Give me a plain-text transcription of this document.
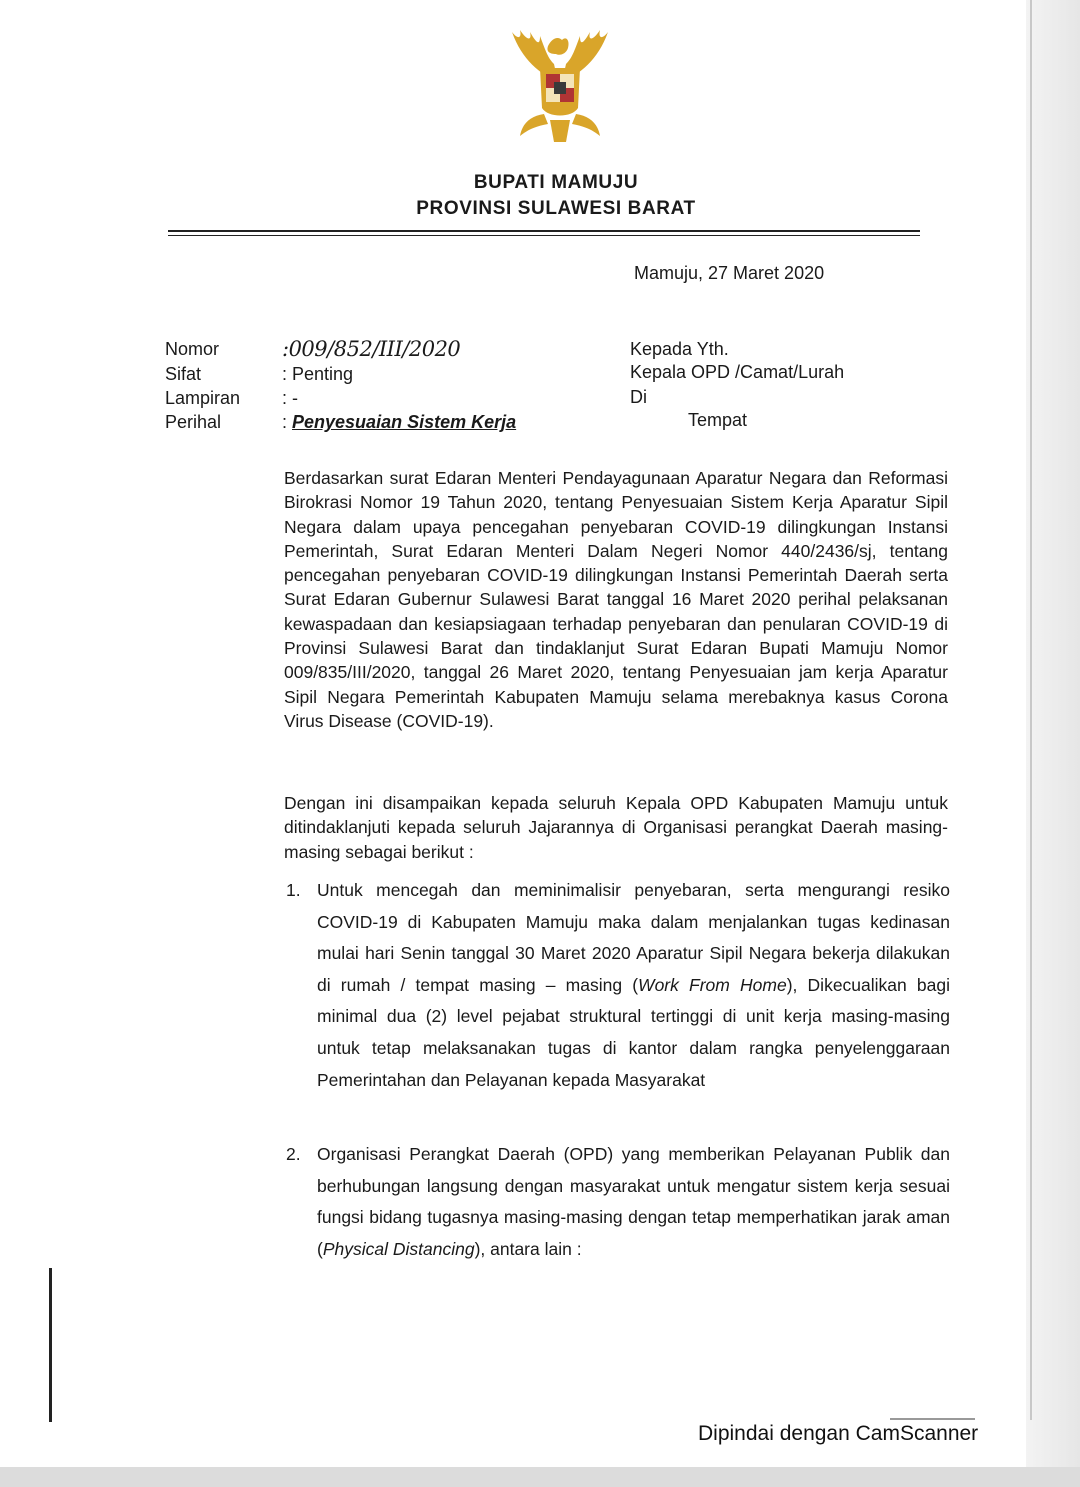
BUPATI MAMUJU
PROVINSI SULAWESI BARAT
Mamuju, 27 Maret 2020
Nomor	:009/852/III/2020
Sifat	: Penting
Lampiran : -
Perihal	: Penyesuaian Sistem Kerja
Kepada Yth.
Kepala OPD /Camat/Lurah
Di
Tempat

Berdasarkan surat Edaran Menteri Pendayagunaan Aparatur Negara dan Reformasi Birokrasi Nomor 19 Tahun 2020, tentang Penyesuaian Sistem Kerja Aparatur Sipil Negara dalam upaya pencegahan penyebaran COVID-19 dilingkungan Instansi Pemerintah, Surat Edaran Menteri Dalam Negeri Nomor 440/2436/sj, tentang pencegahan penyebaran COVID-19 dilingkungan Instansi Pemerintah Daerah serta Surat Edaran Gubernur Sulawesi Barat tanggal 16 Maret 2020 perihal pelaksanan kewaspadaan dan kesiapsiagaan terhadap penyebaran dan penularan COVID-19 di Provinsi Sulawesi Barat dan tindaklanjut Surat Edaran Bupati Mamuju Nomor 009/835/III/2020, tanggal 26 Maret 2020, tentang Penyesuaian jam kerja Aparatur Sipil Negara Pemerintah Kabupaten Mamuju selama merebaknya kasus Corona Virus Disease (COVID-19).

Dengan ini disampaikan kepada seluruh Kepala OPD Kabupaten Mamuju untuk ditindaklanjuti kepada seluruh Jajarannya di Organisasi perangkat Daerah masing-masing sebagai berikut :

1. Untuk mencegah dan meminimalisir penyebaran, serta mengurangi resiko COVID-19 di Kabupaten Mamuju maka dalam menjalankan tugas kedinasan mulai hari Senin tanggal 30 Maret 2020 Aparatur Sipil Negara bekerja dilakukan di rumah / tempat masing – masing (Work From Home), Dikecualikan bagi minimal dua (2) level pejabat struktural tertinggi di unit kerja masing-masing untuk tetap melaksanakan tugas di kantor dalam rangka penyelenggaraan Pemerintahan dan Pelayanan kepada Masyarakat

2. Organisasi Perangkat Daerah (OPD) yang memberikan Pelayanan Publik dan berhubungan langsung dengan masyarakat untuk mengatur sistem kerja sesuai fungsi bidang tugasnya masing-masing dengan tetap memperhatikan jarak aman (Physical Distancing), antara lain :

Dipindai dengan CamScanner
